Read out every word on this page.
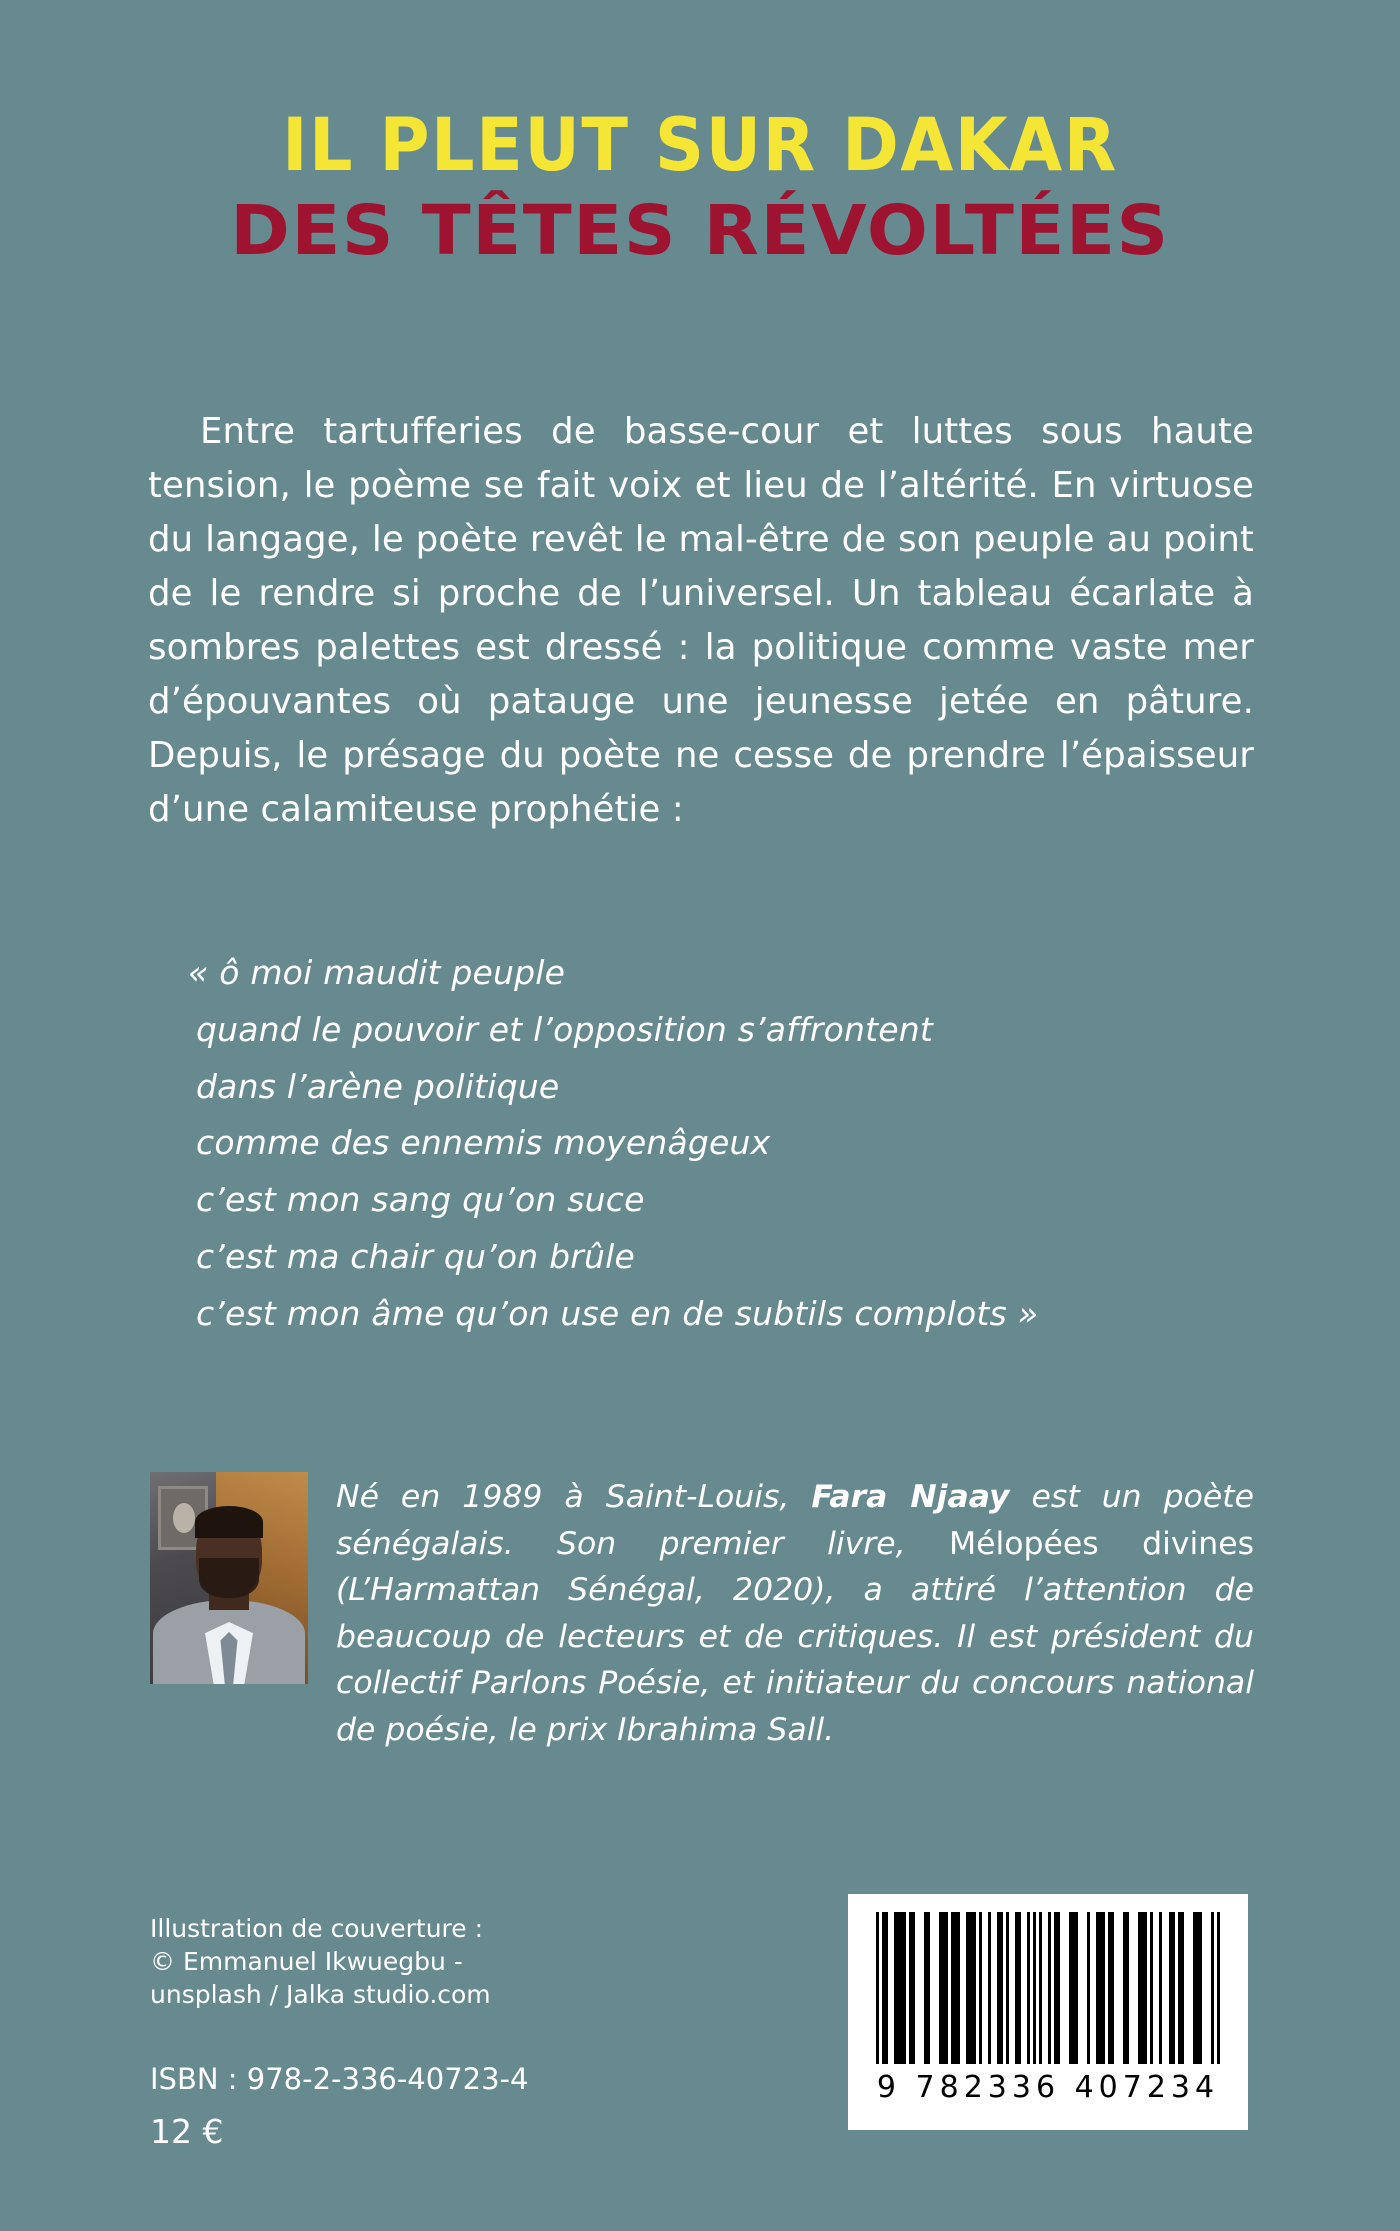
IL PLEUT SUR DAKAR
DES TÊTES RÉVOLTÉES
Entre tartufferies de basse-cour et luttes sous haute tension, le poème se fait voix et lieu de l’altérité. En virtuose du langage, le poète revêt le mal-être de son peuple au point de le rendre si proche de l’universel. Un tableau écarlate à sombres palettes est dressé : la politique comme vaste mer d’épouvantes où patauge une jeunesse jetée en pâture. Depuis, le présage du poète ne cesse de prendre l’épaisseur d’une calamiteuse prophétie :
« ô moi maudit peuple
quand le pouvoir et l’opposition s’affrontent
dans l’arène politique
comme des ennemis moyenâgeux
c’est mon sang qu’on suce
c’est ma chair qu’on brûle
c’est mon âme qu’on use en de subtils complots »
Né en 1989 à Saint-Louis, Fara Njaay est un poète sénégalais. Son premier livre, Mélopées divines (L’Harmattan Sénégal, 2020), a attiré l’attention de beaucoup de lecteurs et de critiques. Il est président du collectif Parlons Poésie, et initiateur du concours national de poésie, le prix Ibrahima Sall.
Illustration de couverture :
© Emmanuel Ikwuegbu -
unsplash / Jalka studio.com
ISBN : 978-2-336-40723-4
12 €
9 782336 407234
